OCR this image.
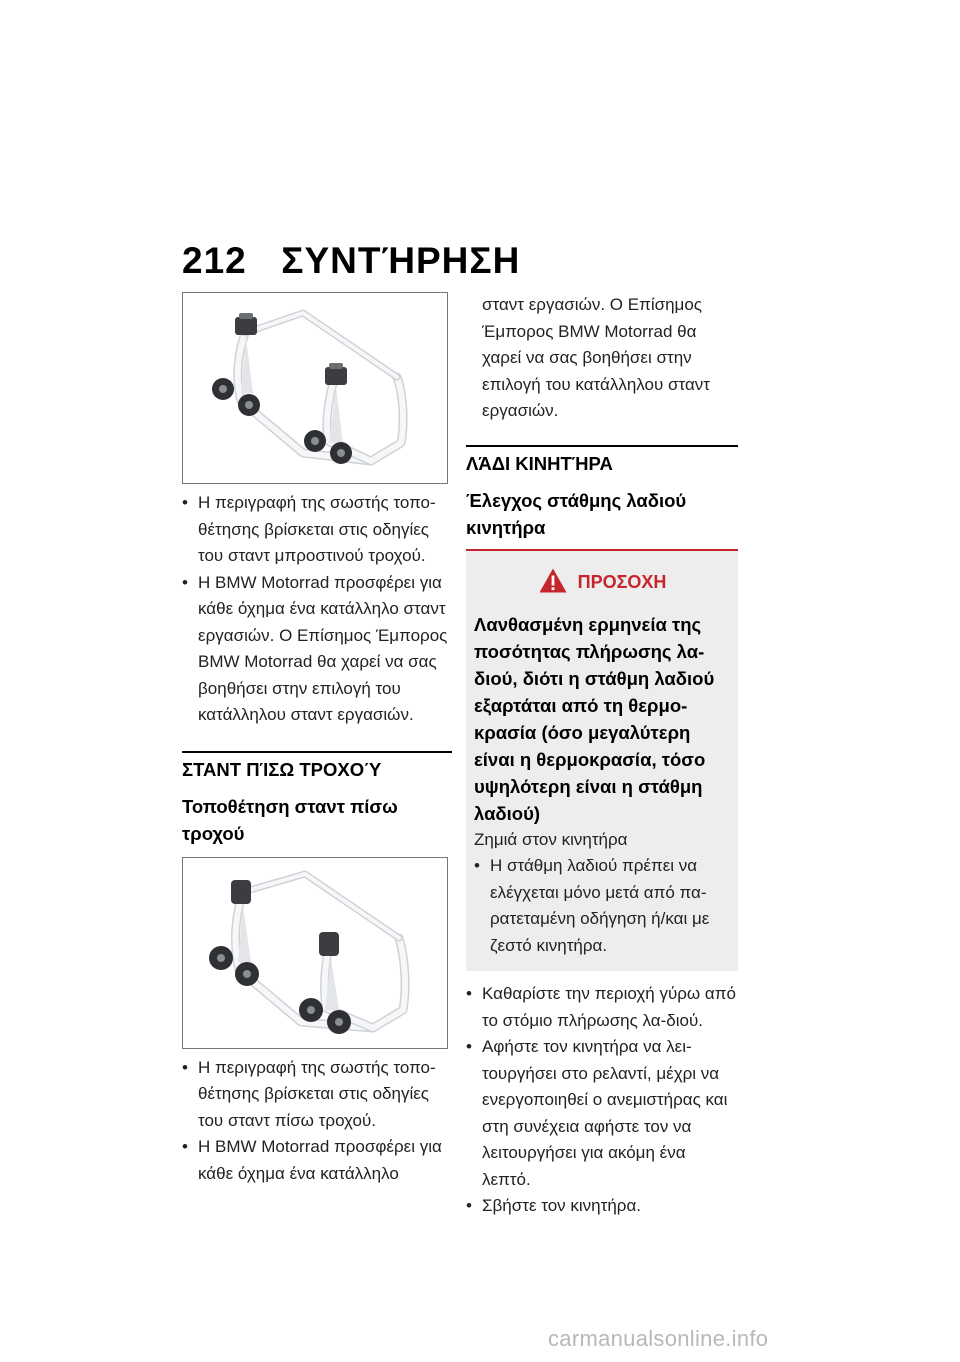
212 ΣΥΝΤΉΡΗΣΗ
• Η περιγραφή της σωστής τοπο-θέτησης βρίσκεται στις οδηγίες του σταντ μπροστινού τροχού.
• Η BMW Motorrad προσφέρει για κάθε όχημα ένα κατάλληλο σταντ εργασιών. Ο Επίσημος Έμπορος BMW Motorrad θα χαρεί να σας βοηθήσει στην επιλογή του κατάλληλου σταντ εργασιών.
ΣΤΑΝΤ ΠΊΣΩ ΤΡΟΧΟΎ
Τοποθέτηση σταντ πίσω τροχού
• Η περιγραφή της σωστής τοπο-θέτησης βρίσκεται στις οδηγίες του σταντ πίσω τροχού.
• Η BMW Motorrad προσφέρει για κάθε όχημα ένα κατάλληλο
σταντ εργασιών. Ο Επίσημος Έμπορος BMW Motorrad θα χαρεί να σας βοηθήσει στην επιλογή του κατάλληλου σταντ εργασιών.
ΛΆΔΙ ΚΙΝΗΤΉΡΑ
Έλεγχος στάθμης λαδιού κινητήρα
ΠΡΟΣΟΧΗ
Λανθασμένη ερμηνεία της ποσότητας πλήρωσης λα-διού, διότι η στάθμη λαδιού εξαρτάται από τη θερμο-κρασία (όσο μεγαλύτερη είναι η θερμοκρασία, τόσο υψηλότερη είναι η στάθμη λαδιού)
Ζημιά στον κινητήρα
• Η στάθμη λαδιού πρέπει να ελέγχεται μόνο μετά από πα-ρατεταμένη οδήγηση ή/και με ζεστό κινητήρα.
• Καθαρίστε την περιοχή γύρω από το στόμιο πλήρωσης λα-διού.
• Αφήστε τον κινητήρα να λει-τουργήσει στο ρελαντί, μέχρι να ενεργοποιηθεί ο ανεμιστήρας και στη συνέχεια αφήστε τον να λειτουργήσει για ακόμη ένα λεπτό.
• Σβήστε τον κινητήρα.
carmanualsonline.info
